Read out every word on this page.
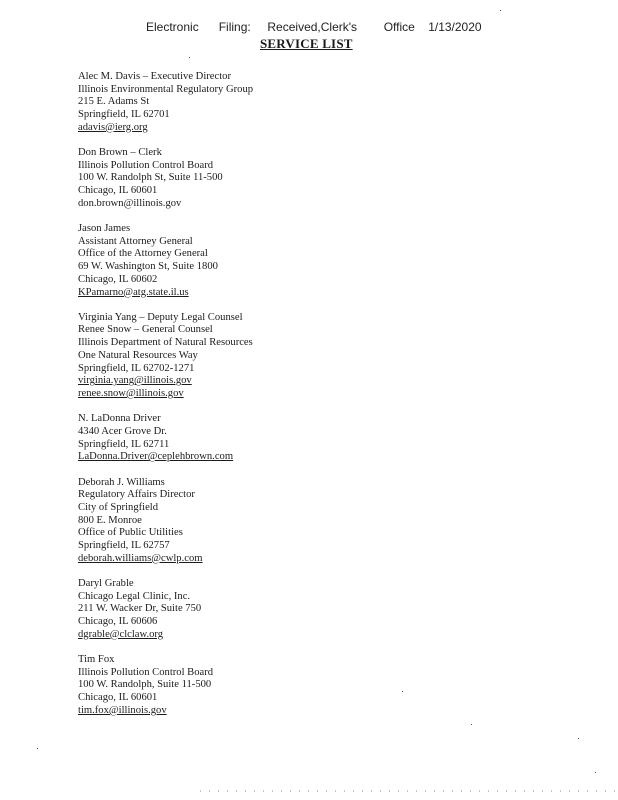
Electronic Filing: Received,Clerk's Office 1/13/2020
SERVICE LIST
Alec M. Davis – Executive Director
Illinois Environmental Regulatory Group
215 E. Adams St
Springfield, IL 62701
adavis@ierg.org
Don Brown – Clerk
Illinois Pollution Control Board
100 W. Randolph St, Suite 11-500
Chicago, IL 60601
don.brown@illinois.gov
Jason James
Assistant Attorney General
Office of the Attorney General
69 W. Washington St, Suite 1800
Chicago, IL 60602
KPamarno@atg.state.il.us
Virginia Yang – Deputy Legal Counsel
Renee Snow – General Counsel
Illinois Department of Natural Resources
One Natural Resources Way
Springfield, IL 62702-1271
virginia.yang@illinois.gov
renee.snow@illinois.gov
N. LaDonna Driver
4340 Acer Grove Dr.
Springfield, IL 62711
LaDonna.Driver@ceplehbrown.com
Deborah J. Williams
Regulatory Affairs Director
City of Springfield
800 E. Monroe
Office of Public Utilities
Springfield, IL 62757
deborah.williams@cwlp.com
Daryl Grable
Chicago Legal Clinic, Inc.
211 W. Wacker Dr, Suite 750
Chicago, IL 60606
dgrable@clclaw.org
Tim Fox
Illinois Pollution Control Board
100 W. Randolph, Suite 11-500
Chicago, IL 60601
tim.fox@illinois.gov
